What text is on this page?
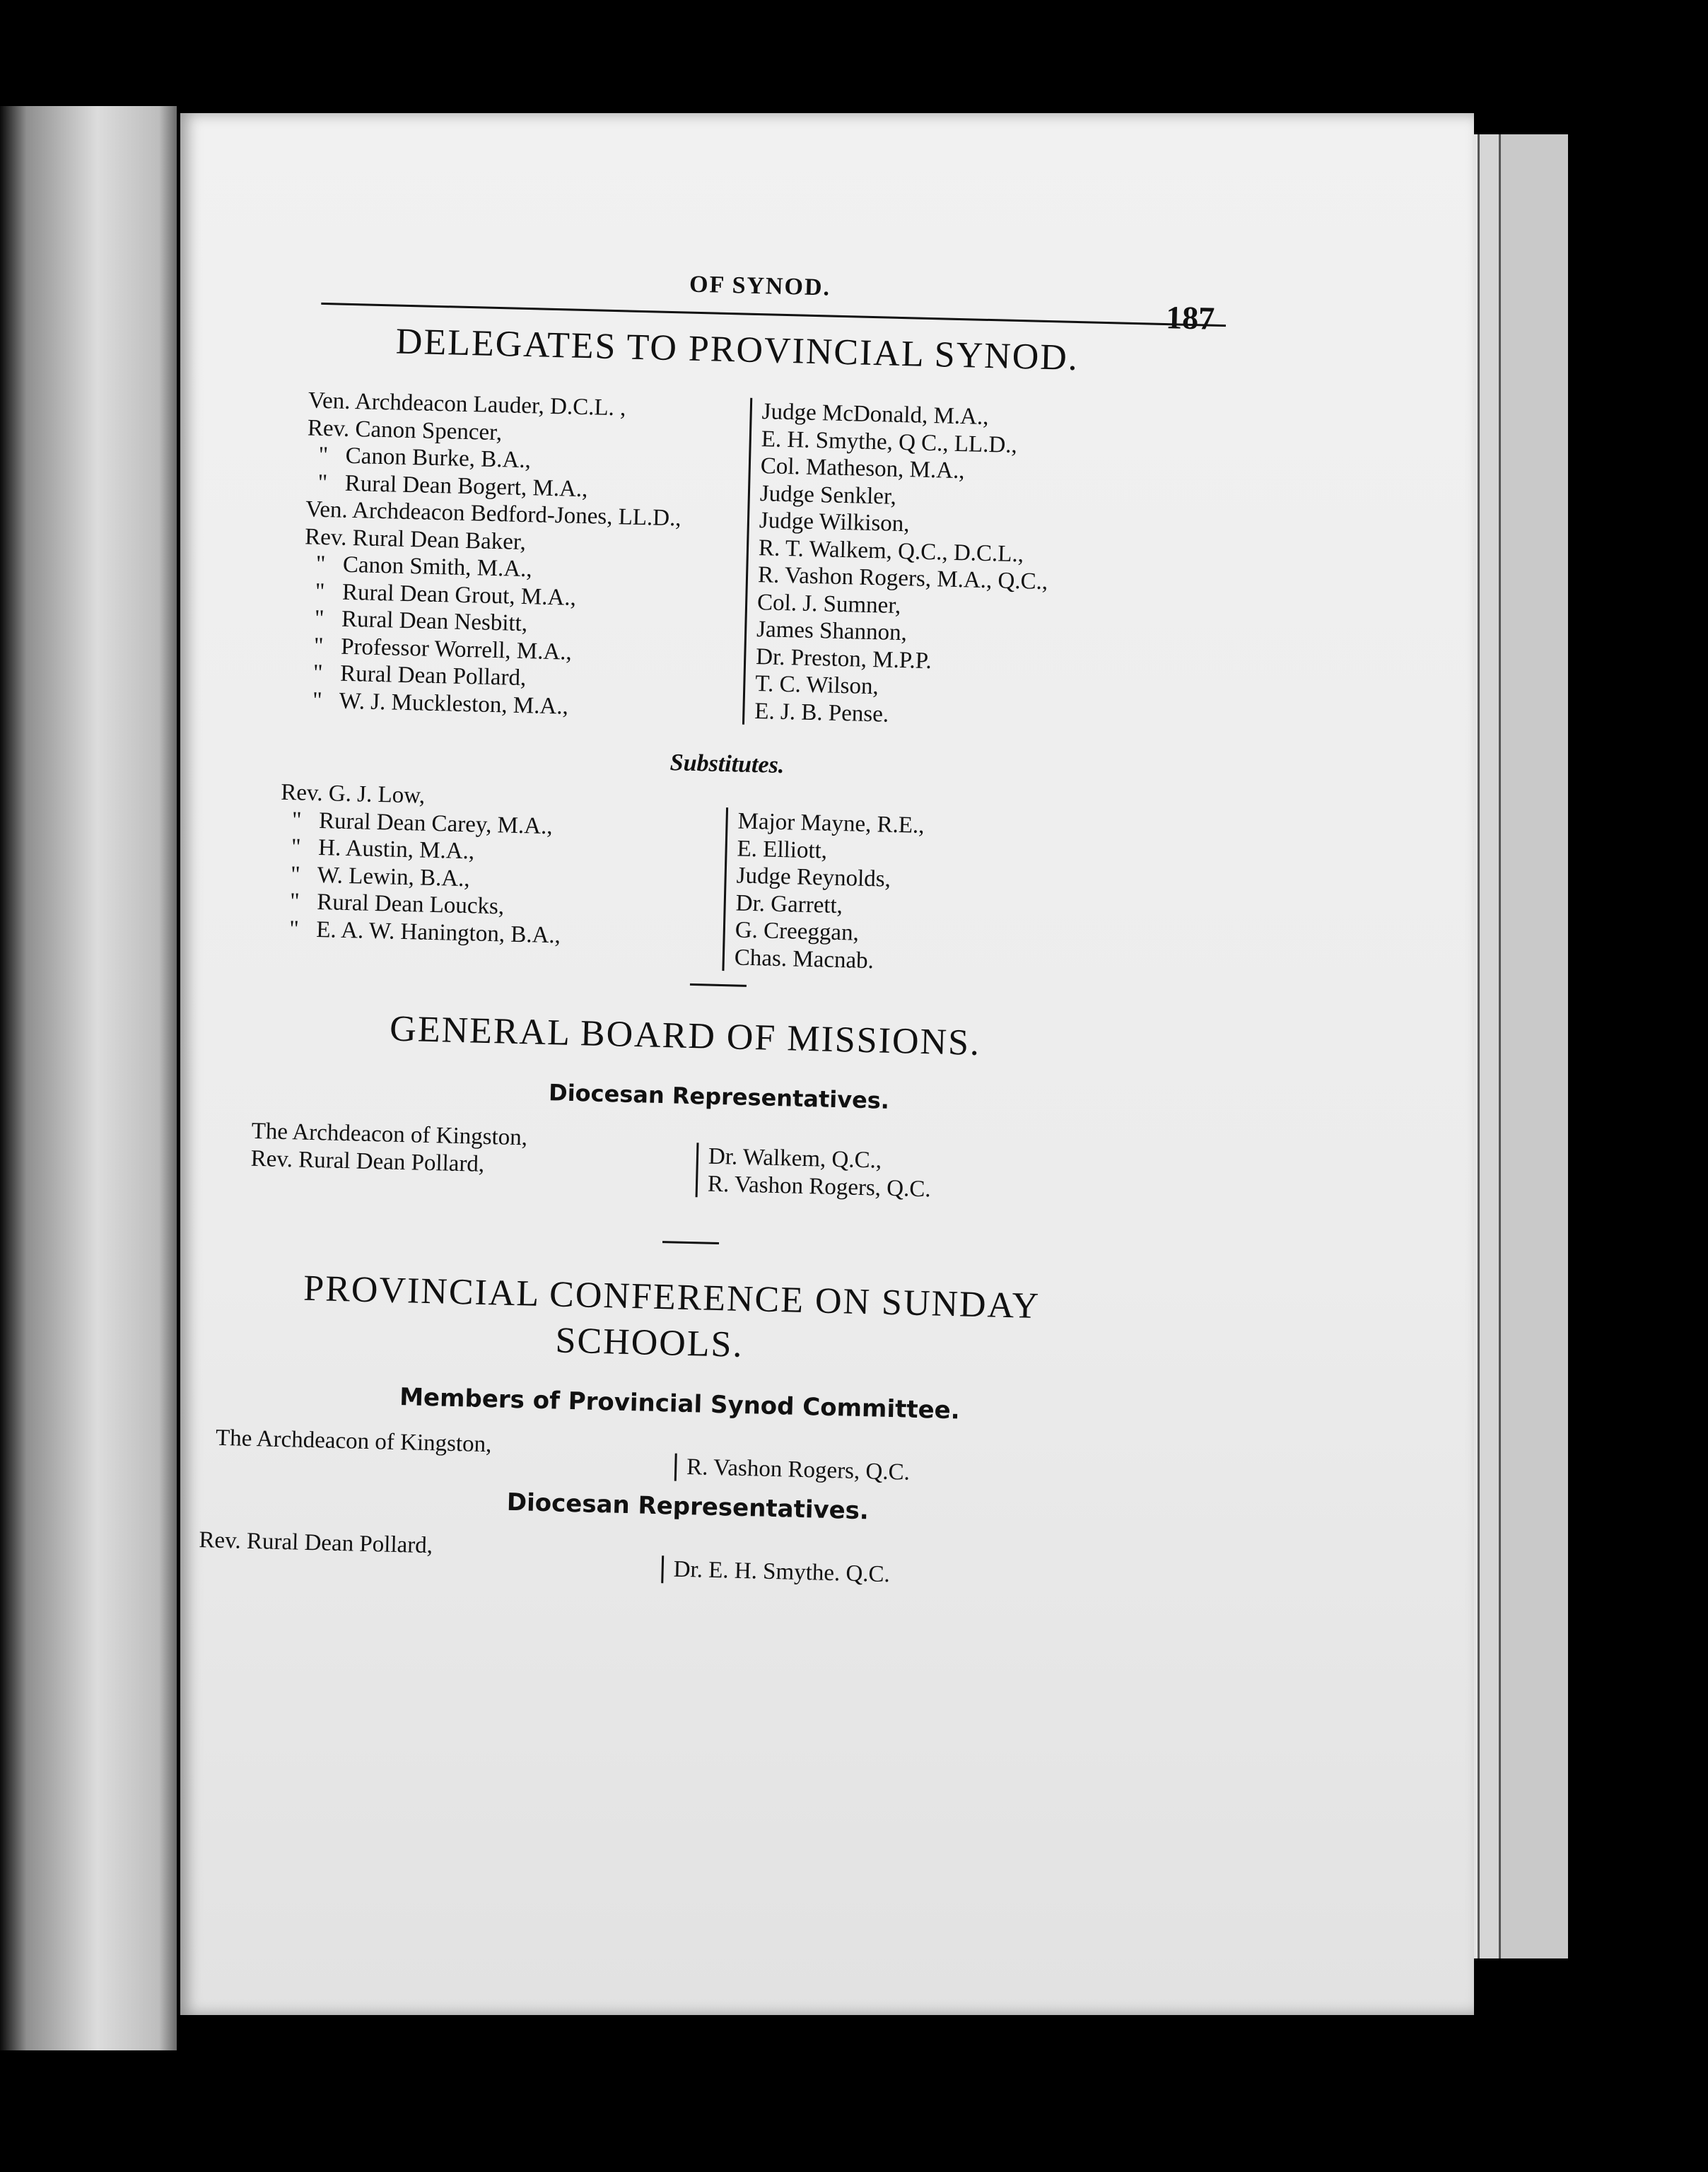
OF SYNOD.
187
DELEGATES TO PROVINCIAL SYNOD.
Ven. Archdeacon Lauder, D.C.L. ,
Rev. Canon Spencer,
"   Canon Burke, B.A.,
"   Rural Dean Bogert, M.A.,
Ven. Archdeacon Bedford-Jones, LL.D.,
Rev. Rural Dean Baker,
"   Canon Smith, M.A.,
"   Rural Dean Grout, M.A.,
"   Rural Dean Nesbitt,
"   Professor Worrell, M.A.,
"   Rural Dean Pollard,
"   W. J. Muckleston, M.A.,
Judge McDonald, M.A.,
E. H. Smythe, Q C., LL.D.,
Col. Matheson, M.A.,
Judge Senkler,
Judge Wilkison,
R. T. Walkem, Q.C., D.C.L.,
R. Vashon Rogers, M.A., Q.C.,
Col. J. Sumner,
James Shannon,
Dr. Preston, M.P.P.
T. C. Wilson,
E. J. B. Pense.
Substitutes.
Rev. G. J. Low,
"   Rural Dean Carey, M.A.,
"   H. Austin, M.A.,
"   W. Lewin, B.A.,
"   Rural Dean Loucks,
"   E. A. W. Hanington, B.A.,
Major Mayne, R.E.,
E. Elliott,
Judge Reynolds,
Dr. Garrett,
G. Creeggan,
Chas. Macnab.
GENERAL BOARD OF MISSIONS.
Diocesan Representatives.
The Archdeacon of Kingston,
Rev. Rural Dean Pollard,	Dr. Walkem, Q.C.,
R. Vashon Rogers, Q.C.
PROVINCIAL CONFERENCE ON SUNDAY
SCHOOLS.
Members of Provincial Synod Committee.
The Archdeacon of Kingston,
R. Vashon Rogers, Q.C.
Diocesan Representatives.
Rev. Rural Dean Pollard,
Dr. E. H. Smythe. Q.C.
